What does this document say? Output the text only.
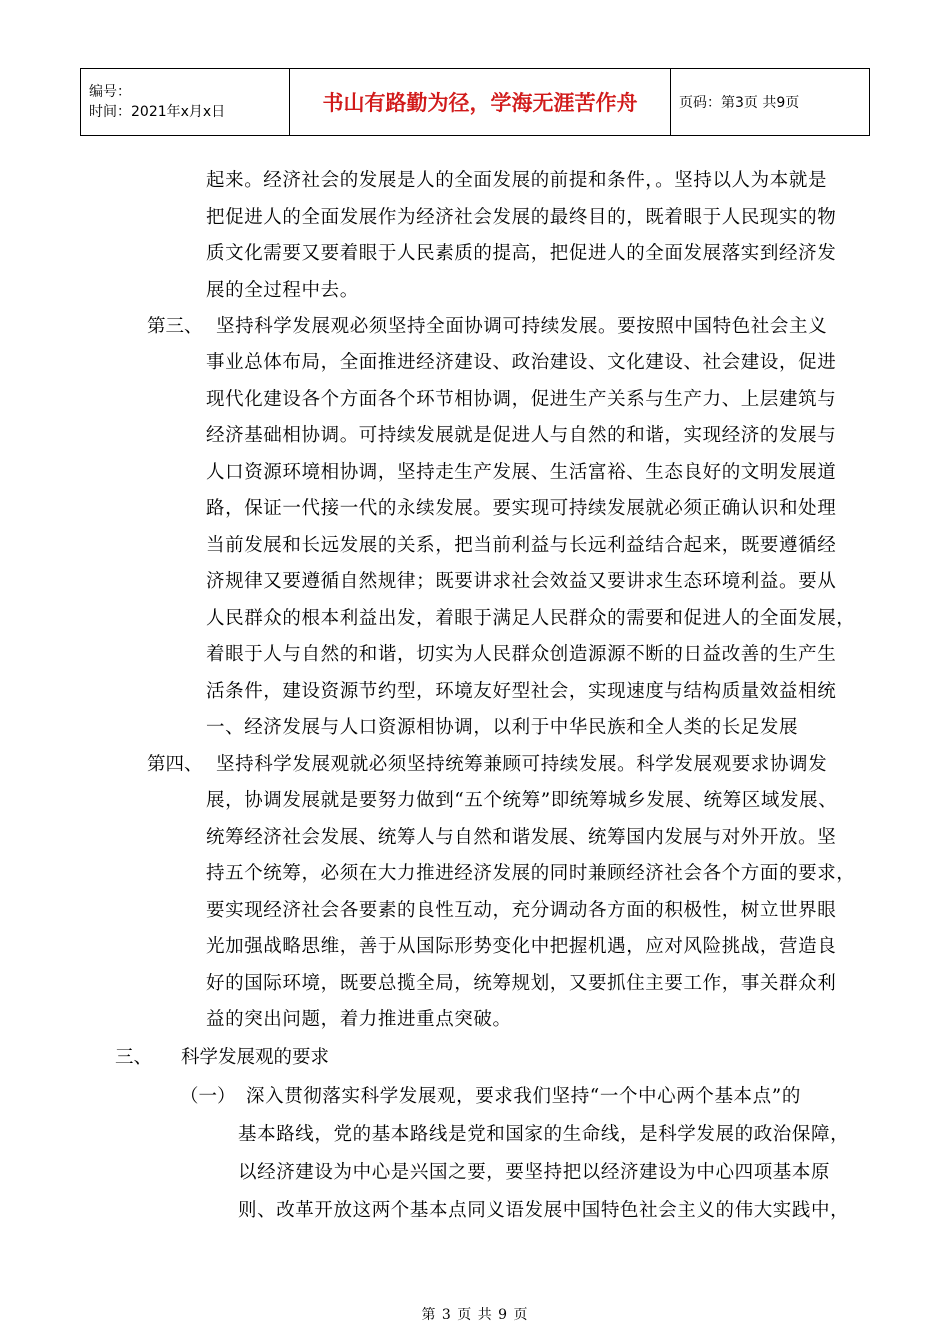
编号：
时间：2021年x月x日	书山有路勤为径，学海无涯苦作舟	页码：第3页 共9页
起来。经济社会的发展是人的全面发展的前提和条件，。坚持以人为本就是
把促进人的全面发展作为经济社会发展的最终目的，既着眼于人民现实的物
质文化需要又要着眼于人民素质的提高，把促进人的全面发展落实到经济发
展的全过程中去。
第三、 坚持科学发展观必须坚持全面协调可持续发展。要按照中国特色社会主义
事业总体布局，全面推进经济建设、政治建设、文化建设、社会建设，促进
现代化建设各个方面各个环节相协调，促进生产关系与生产力、上层建筑与
经济基础相协调。可持续发展就是促进人与自然的和谐，实现经济的发展与
人口资源环境相协调，坚持走生产发展、生活富裕、生态良好的文明发展道
路，保证一代接一代的永续发展。要实现可持续发展就必须正确认识和处理
当前发展和长远发展的关系，把当前利益与长远利益结合起来，既要遵循经
济规律又要遵循自然规律；既要讲求社会效益又要讲求生态环境利益。要从
人民群众的根本利益出发，着眼于满足人民群众的需要和促进人的全面发展，
着眼于人与自然的和谐，切实为人民群众创造源源不断的日益改善的生产生
活条件，建设资源节约型，环境友好型社会，实现速度与结构质量效益相统
一、经济发展与人口资源相协调，以利于中华民族和全人类的长足发展
第四、 坚持科学发展观就必须坚持统筹兼顾可持续发展。科学发展观要求协调发
展，协调发展就是要努力做到“五个统筹”即统筹城乡发展、统筹区域发展、
统筹经济社会发展、统筹人与自然和谐发展、统筹国内发展与对外开放。坚
持五个统筹，必须在大力推进经济发展的同时兼顾经济社会各个方面的要求，
要实现经济社会各要素的良性互动，充分调动各方面的积极性，树立世界眼
光加强战略思维，善于从国际形势变化中把握机遇，应对风险挑战，营造良
好的国际环境，既要总揽全局，统筹规划，又要抓住主要工作，事关群众利
益的突出问题，着力推进重点突破。
三、 科学发展观的要求
（一） 深入贯彻落实科学发展观，要求我们坚持“一个中心两个基本点”的
基本路线，党的基本路线是党和国家的生命线，是科学发展的政治保障，
以经济建设为中心是兴国之要，要坚持把以经济建设为中心四项基本原
则、改革开放这两个基本点同义语发展中国特色社会主义的伟大实践中，
第 3 页 共 9 页
